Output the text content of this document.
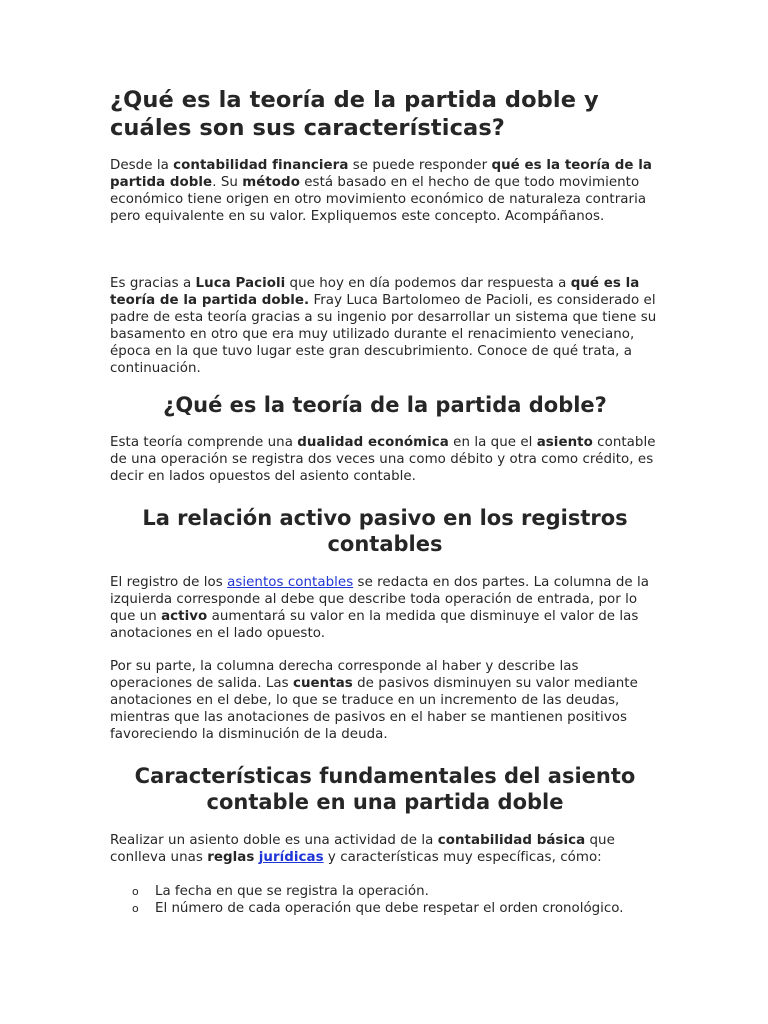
¿Qué es la teoría de la partida doble y cuáles son sus características?

Desde la contabilidad financiera se puede responder qué es la teoría de la partida doble. Su método está basado en el hecho de que todo movimiento económico tiene origen en otro movimiento económico de naturaleza contraria pero equivalente en su valor. Expliquemos este concepto. Acompáñanos.

Es gracias a Luca Pacioli que hoy en día podemos dar respuesta a qué es la teoría de la partida doble. Fray Luca Bartolomeo de Pacioli, es considerado el padre de esta teoría gracias a su ingenio por desarrollar un sistema que tiene su basamento en otro que era muy utilizado durante el renacimiento veneciano, época en la que tuvo lugar este gran descubrimiento. Conoce de qué trata, a continuación.

¿Qué es la teoría de la partida doble?

Esta teoría comprende una dualidad económica en la que el asiento contable de una operación se registra dos veces una como débito y otra como crédito, es decir en lados opuestos del asiento contable.

La relación activo pasivo en los registros contables

El registro de los asientos contables se redacta en dos partes. La columna de la izquierda corresponde al debe que describe toda operación de entrada, por lo que un activo aumentará su valor en la medida que disminuye el valor de las anotaciones en el lado opuesto.

Por su parte, la columna derecha corresponde al haber y describe las operaciones de salida. Las cuentas de pasivos disminuyen su valor mediante anotaciones en el debe, lo que se traduce en un incremento de las deudas, mientras que las anotaciones de pasivos en el haber se mantienen positivos favoreciendo la disminución de la deuda.

Características fundamentales del asiento contable en una partida doble

Realizar un asiento doble es una actividad de la contabilidad básica que conlleva unas reglas jurídicas y características muy específicas, cómo:

o La fecha en que se registra la operación.
o El número de cada operación que debe respetar el orden cronológico.
